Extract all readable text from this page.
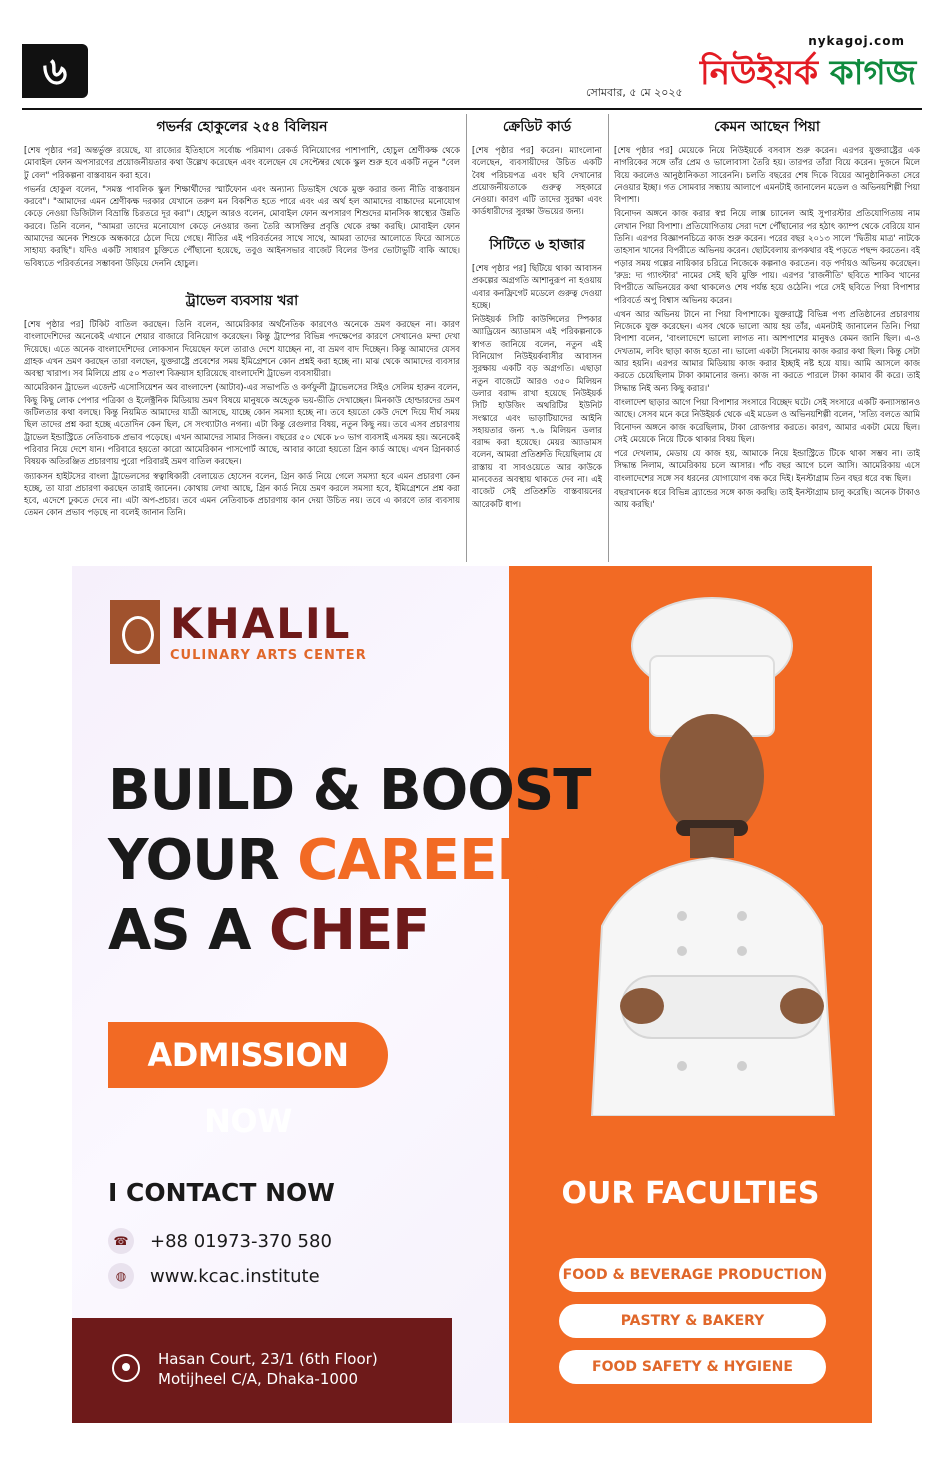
৬	সোমবার, ৫ মে ২০২৫
nykagoj.com
নিউইয়র্ক কাগজ
গভর্নর হোকুলের ২৫৪ বিলিয়ন

[শেষ পৃষ্ঠার পর] অন্তর্ভুক্ত রয়েছে, যা রাজ্যের ইতিহাসে সর্বোচ্চ পরিমাণ। রেকর্ড বিনিয়োগের পাশাপাশি, হোচুল শ্রেণীকক্ষ থেকে মোবাইল ফোন অপসারণের প্রয়োজনীয়তার কথা উল্লেখ করেছেন এবং বলেছেন যে সেপ্টেম্বর থেকে স্কুল শুরু হবে একটি নতুন "বেল টু বেল" পরিকল্পনা বাস্তবায়ন করা হবে।

গভর্নর হোকুল বলেন, "সমস্ত পাবলিক স্কুল শিক্ষার্থীদের স্মার্টফোন এবং অন্যান্য ডিভাইস থেকে মুক্ত করার জন্য নীতি বাস্তবায়ন করবে"। "আমাদের এমন শ্রেণীকক্ষ দরকার যেখানে তরুণ মন বিকশিত হতে পারে এবং এর অর্থ হল আমাদের বাচ্চাদের মনোযোগ কেড়ে নেওয়া ডিজিটাল বিভ্রান্তি চিরতরে দূর করা"। হোচুল আরও বলেন, মোবাইল ফোন অপসারণ শিশুদের মানসিক স্বাস্থ্যের উন্নতি করবে। তিনি বলেন, "আমরা তাদের মনোযোগ কেড়ে নেওয়ার জন্য তৈরি আসক্তির প্রবৃত্তি থেকে রক্ষা করছি। মোবাইল ফোন আমাদের অনেক শিশুকে অন্ধকারে ঠেলে দিয়ে গেছে। নীতির এই পরিবর্তনের সাথে সাথে, আমরা তাদের আলোতে ফিরে আসতে সাহায্য করছি"। যদিও একটি সাধারণ চুক্তিতে পৌঁছানো হয়েছে, তবুও আইনসভার বাজেট বিলের উপর ভোটাভুটি বাকি আছে। ভবিষ্যতে পরিবর্তনের সম্ভাবনা উড়িয়ে দেননি হোচুল।

ট্রাভেল ব্যবসায় খরা

[শেষ পৃষ্ঠার পর] টিকিট বাতিল করছেন। তিনি বলেন, আমেরিকার অর্থনৈতিক কারণেও অনেকে ভ্রমণ করছেন না। কারণ বাংলাদেশিদের অনেকেই এখানে শেয়ার বাজারে বিনিয়োগ করেছেন। কিন্তু ট্রাম্পের বিভিন্ন পদক্ষেপের কারণে সেখানেও মন্দা দেখা দিয়েছে। এতে অনেক বাংলাদেশিদের লোকসান দিয়েছেন ফলে তারাও দেশে যাচ্ছেন না, বা ভ্রমণ বাদ দিচ্ছেন। কিন্তু আমাদের যেসব গ্রাহক এখন ভ্রমণ করছেন তারা বলছেন, যুক্তরাষ্ট্রে প্রবেশের সময় ইমিগ্রেশনে কোন প্রশ্নই করা হচ্ছে না। মাঝ থেকে আমাদের ব্যবসার অবস্থা খারাপ। সব মিলিয়ে প্রায় ৫০ শতাংশ বিক্রয়াস হারিয়েছে বাংলাদেশি ট্রাভেল ব্যবসায়ীরা।

আমেরিকান ট্রাভেল এজেন্ট এসোসিয়েশন অব বাংলাদেশ (আটাব)-এর সভাপতি ও কর্ণফুলী ট্রাভেলসের সিইও সেলিম হারুন বলেন, কিছু কিছু লোক পেপার পত্রিকা ও ইলেক্ট্রনিক মিডিয়ায় ভ্রমণ বিষয়ে মানুষকে অহেতুক ভয়-ভীতি দেখাচ্ছেন। মিনকাউ হোল্ডারদের ভ্রমণ জটিলতার কথা বলছে। কিন্তু নিয়মিত আমাদের যাত্রী আসছে, যাচ্ছে কোন সমস্যা হচ্ছে না। তবে হয়তো কেউ দেশে দিয়ে দীর্ঘ সময় ছিল তাদের প্রশ্ন করা হচ্ছে এতোদিন কেন ছিল, সে সংখ্যাটাও নগন্য। এটা কিন্তু রেগুলার বিষয়, নতুন কিছু নয়। তবে এসব প্রচারণায় ট্রাভেল ইন্ডাস্ট্রিতে নেতিবাচক প্রভাব পড়েছে। এখন আমাদের সামার সিজন। বছরের ৫০ থেকে ৮০ ভাগ ব্যবসাই এসময় হয়। অনেকেই পরিবার নিয়ে দেশে যান। পরিবারে হয়তো কারো আমেরিকান পাসপোর্ট আছে, আবার কারো হয়তো গ্রিন কার্ড আছে। এখন গ্রিনকার্ড বিষয়ক অতিরঞ্জিত প্রচারণায় পুরো পরিবারই ভ্রমণ বাতিল করছেন।

জ্যাকসন হাইটসের বাংলা ট্রাভেলসের স্বত্বাধিকারী বেলায়েত হোসেন বলেন, গ্রিন কার্ড নিয়ে গেলে সমস্যা হবে এমন প্রচারণা কেন হচ্ছে, তা যারা প্রচারণা করছেন তারাই জানেন। কোথায় লেখা আছে, গ্রিন কার্ড নিয়ে ভ্রমণ করলে সমস্যা হবে, ইমিগ্রেশনে প্রশ্ন করা হবে, এদেশে ঢুকতে দেবে না। এটা অপ-প্রচার। তবে এমন নেতিবাচক প্রচারণায় কান দেয়া উচিত নয়। তবে এ কারণে তার ব্যবসায় তেমন কোন প্রভাব পড়ছে না বলেই জানান তিনি।

ক্রেডিট কার্ড

[শেষ পৃষ্ঠার পর] করেন। ম্যাংলোনা বলেছেন, ব্যবসায়ীদের উচিত একটি বৈধ পরিচয়পত্র এবং ছবি দেখানোর প্রয়োজনীয়তাকে গুরুত্ব সহকারে নেওয়া। কারণ এটি তাদের সুরক্ষা এবং কার্ডধারীদের সুরক্ষা উভয়ের জন্য।

সিটিতে ৬ হাজার

[শেষ পৃষ্ঠার পর] ছিটিয়ে থাকা আবাসন প্রকল্পের অগ্রগতি আশানুরূপ না হওয়ায় এবার কনফ্রিগেট মডেলে গুরুত্ব দেওয়া হচ্ছে।

নিউইয়র্ক সিটি কাউন্সিলের স্পিকার অ্যাড্রিয়েন অ্যাডামস এই পরিকল্পনাকে স্বাগত জানিয়ে বলেন, নতুন এই বিনিয়োগ নিউইয়র্কবাসীর আবাসন সুরক্ষায় একটি বড় অগ্রগতি। এছাড়া নতুন বাজেটে আরও ৩৫০ মিলিয়ন ডলার বরাদ্দ রাখা হয়েছে নিউইয়র্ক সিটি হাউজিং অথরিটির ইউনিট সংস্কারে এবং ভাড়াটিয়াদের আইনি সহায়তার জন্য ৭.৬ মিলিয়ন ডলার বরাদ্দ করা হয়েছে। মেয়র অ্যাডামস বলেন, আমরা প্রতিশ্রুতি দিয়েছিলাম যে রাস্তায় বা সাবওয়েতে আর কাউকে মানবেতর অবস্থায় থাকতে দেব না। এই বাজেট সেই প্রতিশ্রুতি বাস্তবায়নের আরেকটি ধাপ।

কেমন আছেন পিয়া

[শেষ পৃষ্ঠার পর] মেয়েকে নিয়ে নিউইয়র্কে বসবাস শুরু করেন। এরপর যুক্তরাষ্ট্রের এক নাগরিকের সঙ্গে তাঁর প্রেম ও ভালোবাসা তৈরি হয়। তারপর তাঁরা বিয়ে করেন। দুজনে মিলে বিয়ে করলেও আনুষ্ঠানিকতা সারেননি। চলতি বছরের শেষ দিকে বিয়ের আনুষ্ঠানিকতা সেরে নেওয়ার ইচ্ছা। গত সোমবার সন্ধ্যায় আলাপে এমনটাই জানালেন মডেল ও অভিনয়শিল্পী পিয়া বিপাশা।

বিনোদন অঙ্গনে কাজ করার স্বপ্ন নিয়ে লাক্স চ্যানেল আই সুপারস্টার প্রতিযোগিতায় নাম লেখান পিয়া বিপাশা। প্রতিযোগিতায় সেরা দশে পৌঁছানোর পর হঠাৎ ক্যাম্প থেকে বেরিয়ে যান তিনি। এরপর বিজ্ঞাপনচিত্রে কাজ শুরু করেন। পরের বছর ২০১৩ সালে 'দ্বিতীয় মাত্র' নাটকে তাহসান খানের বিপরীতে অভিনয় করেন। ছোটবেলায় রূপকথার বই পড়তে পছন্দ করতেন। বই পড়ার সময় গল্পের নায়িকার চরিত্রে নিজেকে কল্পনাও করতেন। বড় পর্দায়ও অভিনয় করেছেন। 'রুদ্র: দ্য গ্যাংস্টার' নামের সেই ছবি মুক্তি পায়। এরপর 'রাজনীতি' ছবিতে শাকিব খানের বিপরীতে অভিনয়ের কথা থাকলেও শেষ পর্যন্ত হয়ে ওঠেনি। পরে সেই ছবিতে পিয়া বিপাশার পরিবর্তে অপু বিশ্বাস অভিনয় করেন।

এখন আর অভিনয় টানে না পিয়া বিপাশাকে। যুক্তরাষ্ট্রে বিভিন্ন পণ্য প্রতিষ্ঠানের প্রচারণায় নিজেকে যুক্ত করেছেন। এসব থেকে ভালো আয় হয় তাঁর, এমনটাই জানালেন তিনি। পিয়া বিপাশা বলেন, 'বাংলাদেশে ভালো লাগত না। আশপাশের মানুষও কেমন জানি ছিল। এ-ও দেখতাম, লবিং ছাড়া কাজ হতো না। ভালো একটা সিনেমায় কাজ করার কথা ছিল। কিন্তু সেটা আর হয়নি। এরপর আমার মিডিয়ায় কাজ করার ইচ্ছাই নষ্ট হয়ে যায়। আমি আসলে কাজ করতে চেয়েছিলাম টাকা কামানোর জন্য। কাজ না করতে পারলে টাকা কামাব কী করে। তাই সিদ্ধান্ত নিই অন্য কিছু করার।'

বাংলাদেশ ছাড়ার আগে পিয়া বিপাশার সংসারে বিচ্ছেদ ঘটে। সেই সংসারে একটি কন্যাসন্তানও আছে। সেসব মনে করে নিউইয়র্ক থেকে এই মডেল ও অভিনয়শিল্পী বলেন, 'সত্যি বলতে আমি বিনোদন অঙ্গনে কাজ করেছিলাম, টাকা রোজগার করতে। কারণ, আমার একটা মেয়ে ছিল। সেই মেয়েকে নিয়ে টিকে থাকার বিষয় ছিল।

পরে দেখলাম, মেডায় যে কাজ হয়, আমাকে নিয়ে ইন্ডাস্ট্রিতে টিকে থাকা সম্ভব না। তাই সিদ্ধান্ত নিলাম, আমেরিকায় চলে আসার। পাঁচ বছর আগে চলে আসি। আমেরিকায় এসে বাংলাদেশের সঙ্গে সব ধরনের যোগাযোগ বন্ধ করে দিই। ইনস্টাগ্রাম তিন বছর ধরে বন্ধ ছিল।

বছরখানেক ধরে বিভিন্ন ব্র্যান্ডের সঙ্গে কাজ করছি। তাই ইনস্টাগ্রাম চালু করেছি। অনেক টাকাও আয় করছি।'

KHALIL
CULINARY ARTS CENTER
BUILD & BOOST
YOUR CAREER
AS A CHEF
ADMISSION NOW
I CONTACT NOW
☎	+88 01973-370 580
◍	www.kcac.institute
Hasan Court, 23/1 (6th Floor)
Motijheel C/A, Dhaka-1000
OUR FACULTIES
FOOD & BEVERAGE PRODUCTION
PASTRY & BAKERY
FOOD SAFETY & HYGIENE
